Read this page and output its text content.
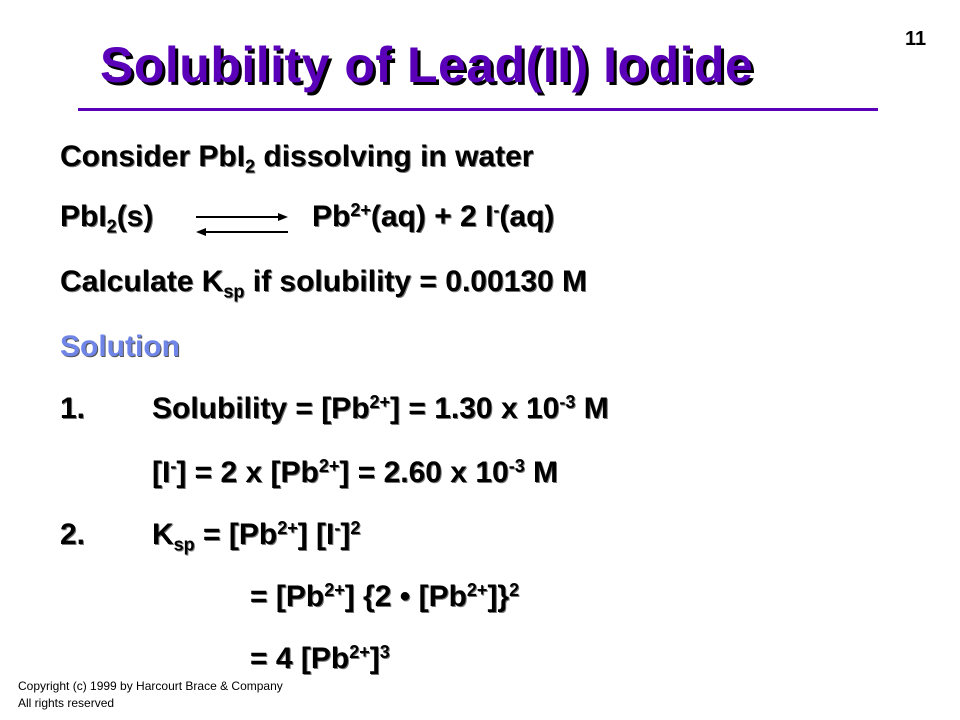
Solubility of Lead(II) Iodide	11
Consider PbI$_2$ dissolving in water
PbI$_2$(s)	$Pb^{2+}(aq) + 2$ I-(aq)
Calculate $K_{sp}$ if solubility = 0.00130 M
Solution
1. Solubility = $[Pb^{2+}] = 1.30$ x $10^{-3}$ M
[I-] = 2 x $[Pb^{2+}] = 2.60$ x $10^{-3}$ M
2. $K_{sp} = [Pb^{2+}]$ $[I^-]^2$
= $[Pb^{2+}]$ {2 • $[Pb^{2+}]\}^2$
= 4 $[Pb^{2+}]^3$
Copyright (c) 1999 by Harcourt Brace & Company
All rights reserved
